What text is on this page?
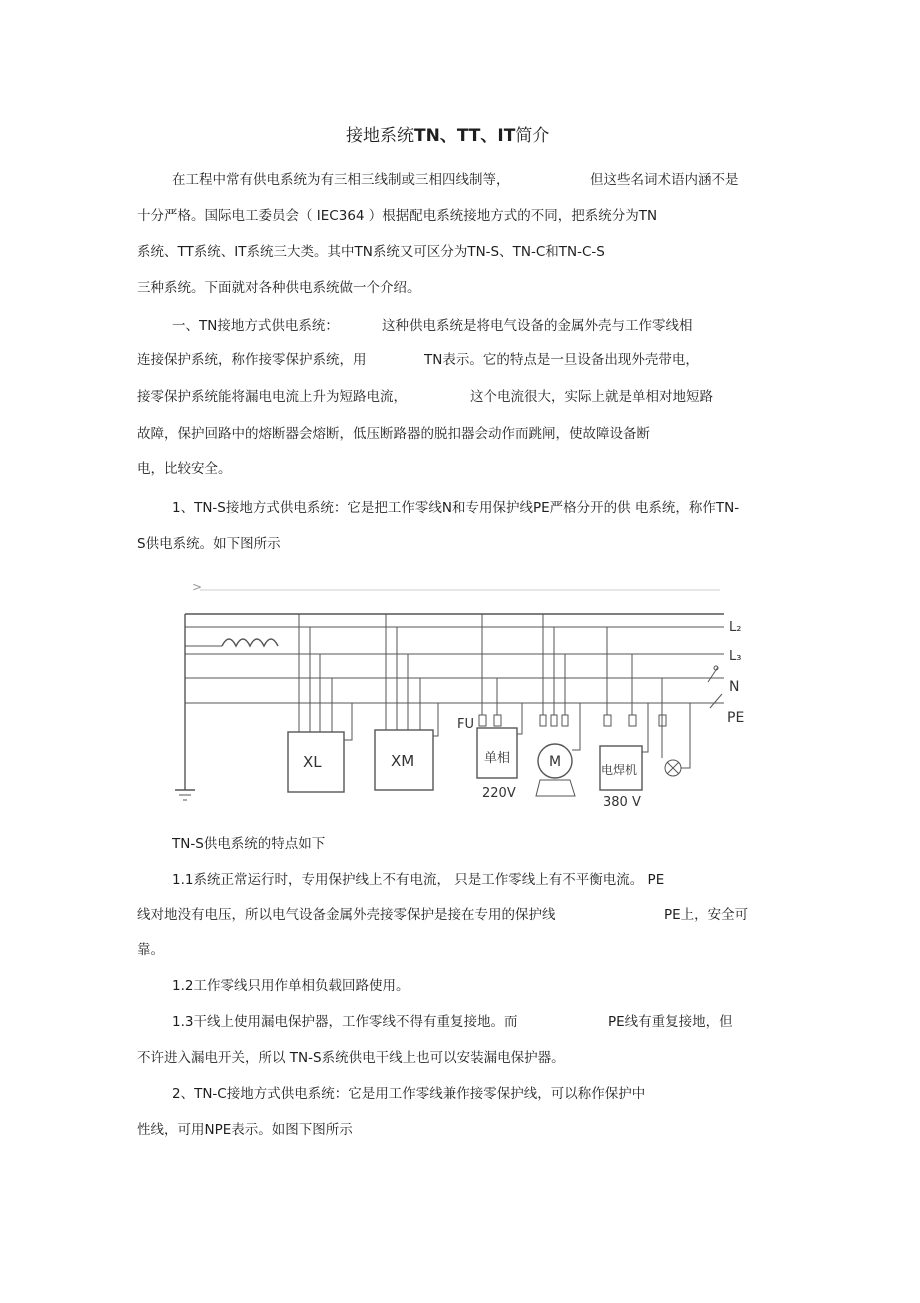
接地系统TN、TT、IT简介
在工程中常有供电系统为有三相三线制或三相四线制等，	但这些名词术语内涵不是
十分严格。国际电工委员会（ IEC364 ）根据配电系统接地方式的不同，把系统分为TN
系统、TT系统、IT系统三大类。其中TN系统又可区分为TN-S、TN-C和TN-C-S
三种系统。下面就对各种供电系统做一个介绍。
一、TN接地方式供电系统：	这种供电系统是将电气设备的金属外壳与工作零线相
连接保护系统，称作接零保护系统，用	TN表示。它的特点是一旦设备出现外壳带电，
接零保护系统能将漏电电流上升为短路电流，	这个电流很大，实际上就是单相对地短路
故障，保护回路中的熔断器会熔断，低压断路器的脱扣器会动作而跳闸，使故障设备断
电，比较安全。
1、TN-S接地方式供电系统：它是把工作零线N和专用保护线PE严格分开的供 电系统，称作TN-
S供电系统。如下图所示
>
L₂
L₃
N
PE
XL	XM
FU
单相
220V
M	电焊机
380 V
TN-S供电系统的特点如下
1.1系统正常运行时，专用保护线上不有电流， 只是工作零线上有不平衡电流。 PE
线对地没有电压，所以电气设备金属外壳接零保护是接在专用的保护线	PE上，安全可
靠。
1.2工作零线只用作单相负载回路使用。
1.3干线上使用漏电保护器，工作零线不得有重复接地。而	PE线有重复接地，但
不许进入漏电开关，所以 TN-S系统供电干线上也可以安装漏电保护器。
2、TN-C接地方式供电系统：它是用工作零线兼作接零保护线，可以称作保护中
性线，可用NPE表示。如图下图所示
